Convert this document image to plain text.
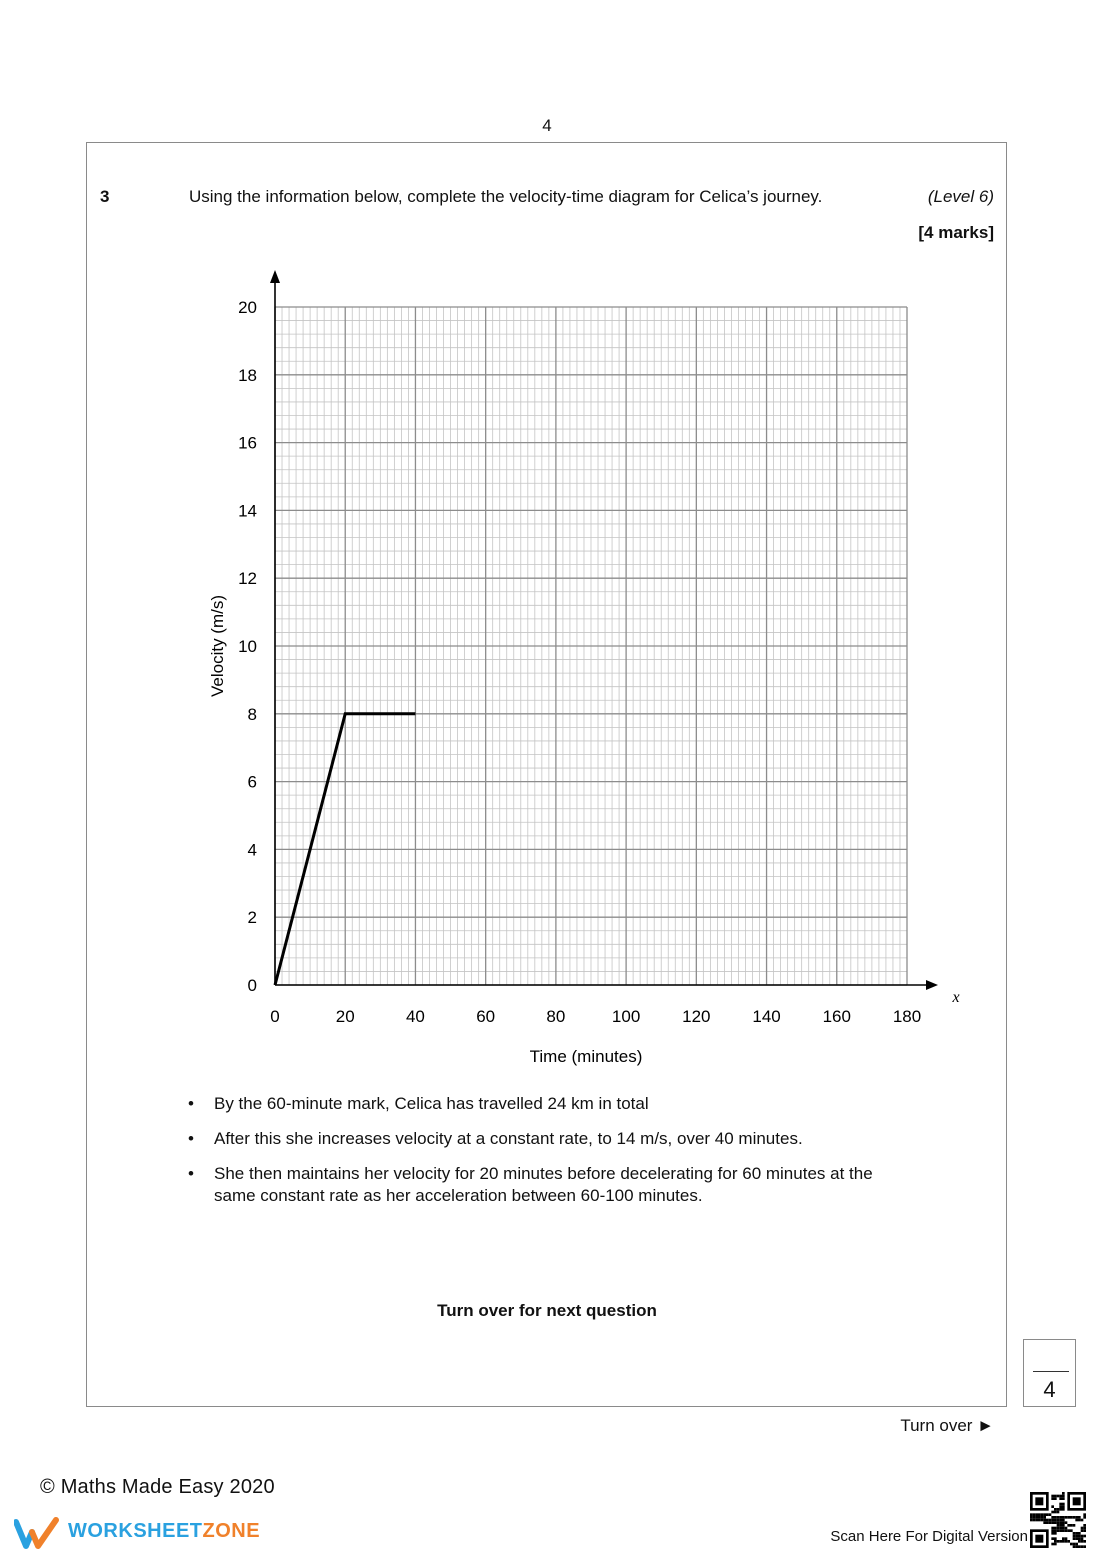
4
3	Using the information below, complete the velocity-time diagram for Celica’s journey.	(Level 6)
[4 marks]
0	20	40	60	80	100 120 140 160 180
0
2
4
6
8
10
12
14
16
18
20
Time (minutes)
Velocity (m/s)
x
• By the 60-minute mark, Celica has travelled 24 km in total
• After this she increases velocity at a constant rate, to 14 m/s, over 40 minutes.
• She then maintains her velocity for 20 minutes before decelerating for 60 minutes at the same constant rate as her acceleration between 60-100 minutes.
Turn over for next question
4
Turn over ►
© Maths Made Easy 2020
WORKSHEETZONE	Scan Here For Digital Version
